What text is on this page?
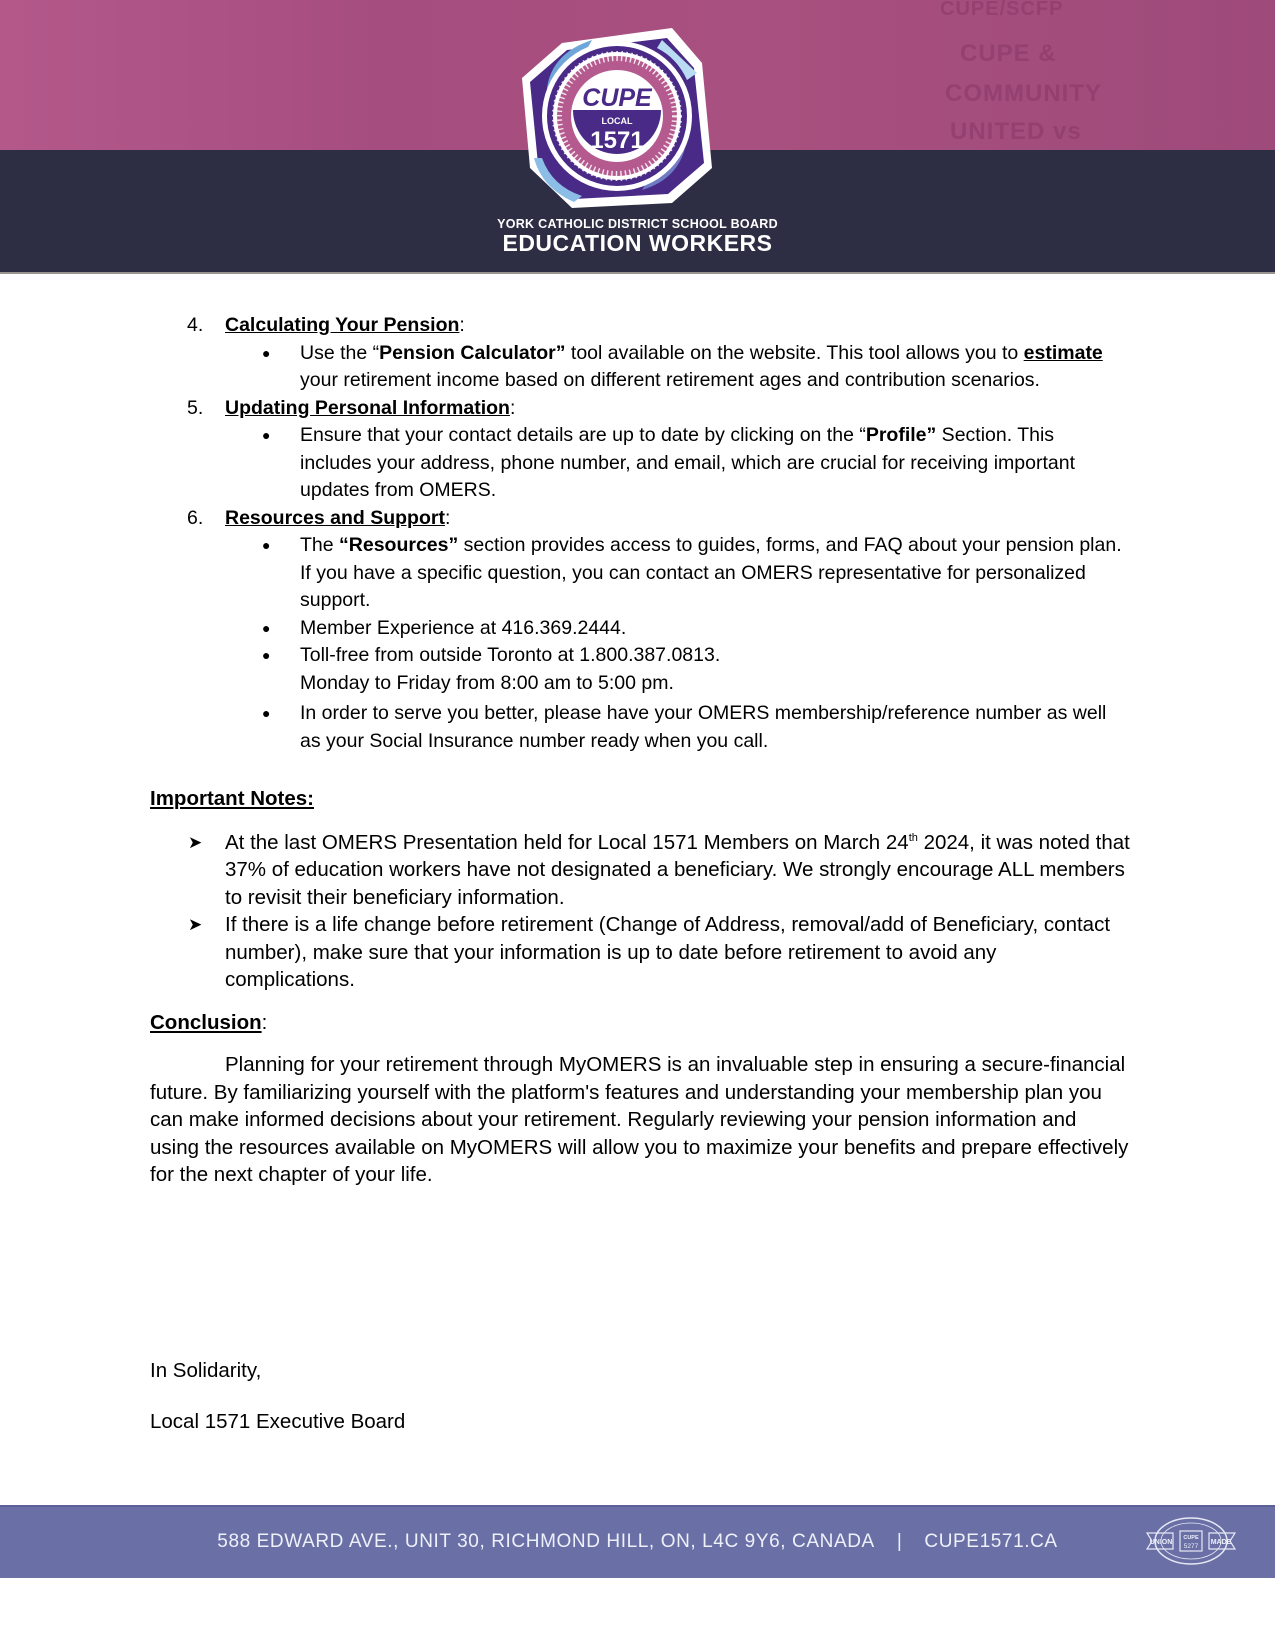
CUPE &
COMMUNITY
UNITED vs
CUPE/SCFP
CUPE
LOCAL
1571
YORK CATHOLIC DISTRICT SCHOOL BOARD
EDUCATION WORKERS
4. Calculating Your Pension:
● Use the “Pension Calculator” tool available on the website. This tool allows you to estimate your retirement income based on different retirement ages and contribution scenarios.
5. Updating Personal Information:
● Ensure that your contact details are up to date by clicking on the “Profile” Section. This includes your address, phone number, and email, which are crucial for receiving important updates from OMERS.
6. Resources and Support:
● The “Resources” section provides access to guides, forms, and FAQ about your pension plan. If you have a specific question, you can contact an OMERS representative for personalized support.
● Member Experience at 416.369.2444.
● Toll-free from outside Toronto at 1.800.387.0813.
Monday to Friday from 8:00 am to 5:00 pm.
● In order to serve you better, please have your OMERS membership/reference number as well as your Social Insurance number ready when you call.
Important Notes:
➤ At the last OMERS Presentation held for Local 1571 Members on March 24th 2024, it was noted that 37% of education workers have not designated a beneficiary. We strongly encourage ALL members to revisit their beneficiary information.
➤ If there is a life change before retirement (Change of Address, removal/add of Beneficiary, contact number), make sure that your information is up to date before retirement to avoid any complications.
Conclusion:
Planning for your retirement through MyOMERS is an invaluable step in ensuring a secure-financial future. By familiarizing yourself with the platform's features and understanding your membership plan you can make informed decisions about your retirement. Regularly reviewing your pension information and using the resources available on MyOMERS will allow you to maximize your benefits and prepare effectively for the next chapter of your life.
In Solidarity,
Local 1571 Executive Board
588 EDWARD AVE., UNIT 30, RICHMOND HILL, ON, L4C 9Y6, CANADA | CUPE1571.CA	UNION
CUPE
5277
MADE
